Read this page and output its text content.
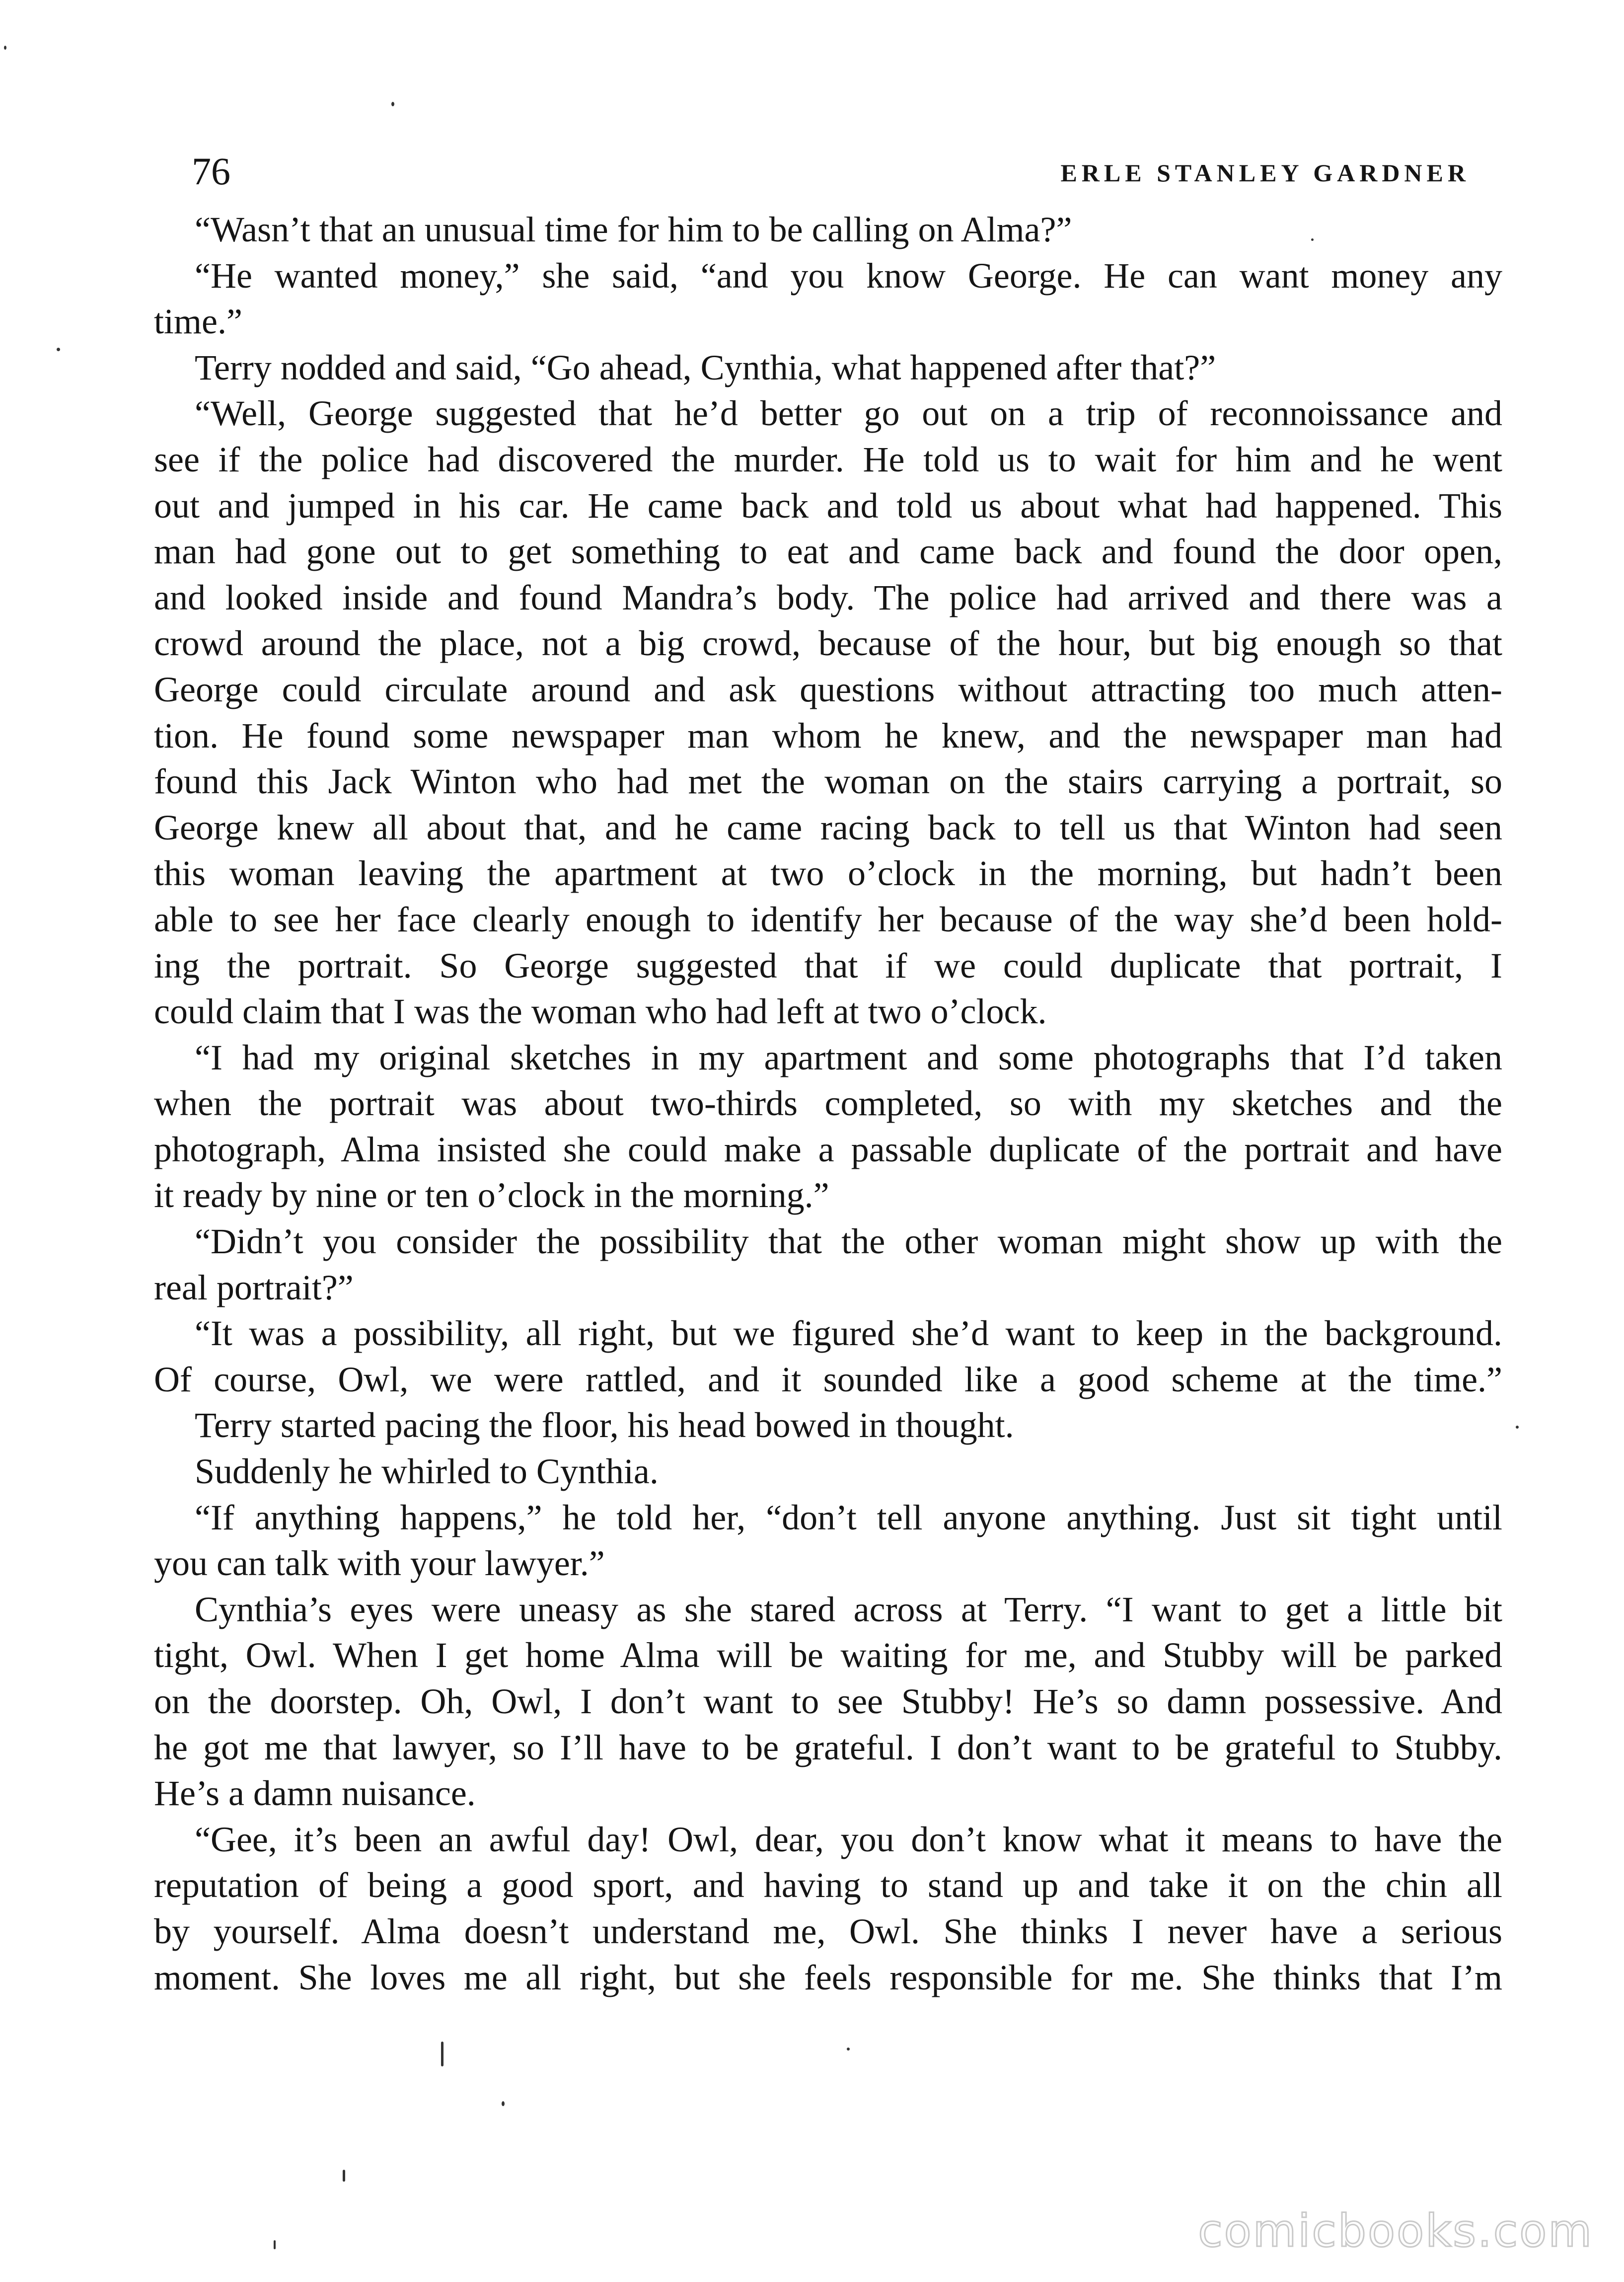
76	ERLE STANLEY GARDNER
“Wasn’t that an unusual time for him to be calling on Alma?”
“He wanted money,” she said, “and you know George. He can want money any
time.”
Terry nodded and said, “Go ahead, Cynthia, what happened after that?”
“Well, George suggested that he’d better go out on a trip of reconnoissance and
see if the police had discovered the murder. He told us to wait for him and he went
out and jumped in his car. He came back and told us about what had happened. This
man had gone out to get something to eat and came back and found the door open,
and looked inside and found Mandra’s body. The police had arrived and there was a
crowd around the place, not a big crowd, because of the hour, but big enough so that
George could circulate around and ask questions without attracting too much atten-
tion. He found some newspaper man whom he knew, and the newspaper man had
found this Jack Winton who had met the woman on the stairs carrying a portrait, so
George knew all about that, and he came racing back to tell us that Winton had seen
this woman leaving the apartment at two o’clock in the morning, but hadn’t been
able to see her face clearly enough to identify her because of the way she’d been hold-
ing the portrait. So George suggested that if we could duplicate that portrait, I
could claim that I was the woman who had left at two o’clock.
“I had my original sketches in my apartment and some photographs that I’d taken
when the portrait was about two-thirds completed, so with my sketches and the
photograph, Alma insisted she could make a passable duplicate of the portrait and have
it ready by nine or ten o’clock in the morning.”
“Didn’t you consider the possibility that the other woman might show up with the
real portrait?”
“It was a possibility, all right, but we figured she’d want to keep in the background.
Of course, Owl, we were rattled, and it sounded like a good scheme at the time.”
Terry started pacing the floor, his head bowed in thought.
Suddenly he whirled to Cynthia.
“If anything happens,” he told her, “don’t tell anyone anything. Just sit tight until
you can talk with your lawyer.”
Cynthia’s eyes were uneasy as she stared across at Terry. “I want to get a little bit
tight, Owl. When I get home Alma will be waiting for me, and Stubby will be parked
on the doorstep. Oh, Owl, I don’t want to see Stubby! He’s so damn possessive. And
he got me that lawyer, so I’ll have to be grateful. I don’t want to be grateful to Stubby.
He’s a damn nuisance.
“Gee, it’s been an awful day! Owl, dear, you don’t know what it means to have the
reputation of being a good sport, and having to stand up and take it on the chin all
by yourself. Alma doesn’t understand me, Owl. She thinks I never have a serious
moment. She loves me all right, but she feels responsible for me. She thinks that I’m
comicbooks.com
